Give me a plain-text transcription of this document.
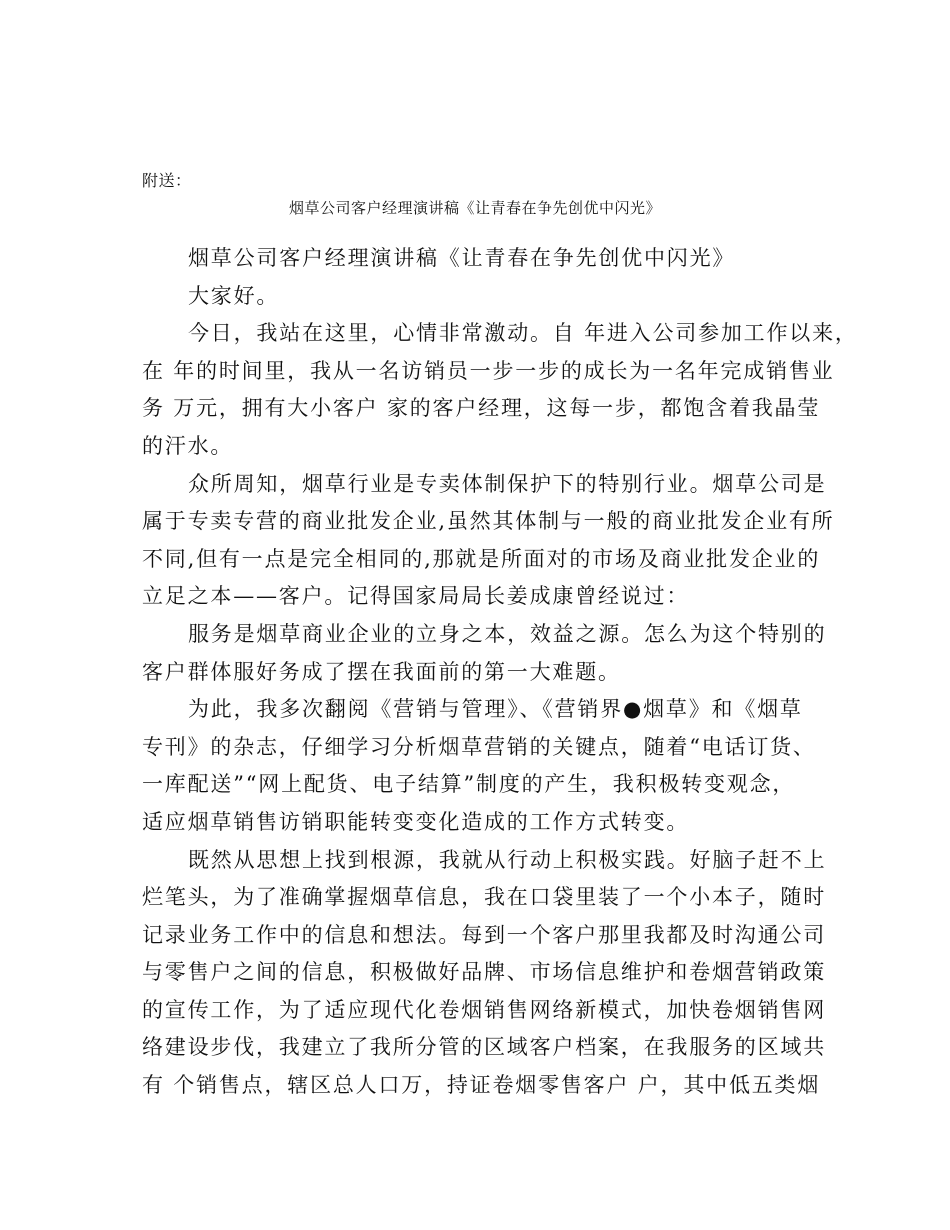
附送：
烟草公司客户经理演讲稿《让青春在争先创优中闪光》
烟草公司客户经理演讲稿《让青春在争先创优中闪光》
大家好。
今日，我站在这里，心情非常激动。自 年进入公司参加工作以来，
在 年的时间里，我从一名访销员一步一步的成长为一名年完成销售业
务 万元，拥有大小客户 家的客户经理，这每一步，都饱含着我晶莹
的汗水。
众所周知，烟草行业是专卖体制保护下的特别行业。烟草公司是
属于专卖专营的商业批发企业,虽然其体制与一般的商业批发企业有所
不同,但有一点是完全相同的,那就是所面对的市场及商业批发企业的
立足之本——客户。记得国家局局长姜成康曾经说过：
服务是烟草商业企业的立身之本，效益之源。怎么为这个特别的
客户群体服好务成了摆在我面前的第一大难题。
为此，我多次翻阅《营销与管理》、《营销界●烟草》和《烟草
专刊》的杂志，仔细学习分析烟草营销的关键点，随着“电话订货、
一库配送”“网上配货、电子结算”制度的产生，我积极转变观念，
适应烟草销售访销职能转变变化造成的工作方式转变。
既然从思想上找到根源，我就从行动上积极实践。好脑子赶不上
烂笔头，为了准确掌握烟草信息，我在口袋里装了一个小本子，随时
记录业务工作中的信息和想法。每到一个客户那里我都及时沟通公司
与零售户之间的信息，积极做好品牌、市场信息维护和卷烟营销政策
的宣传工作，为了适应现代化卷烟销售网络新模式，加快卷烟销售网
络建设步伐，我建立了我所分管的区域客户档案，在我服务的区域共
有 个销售点，辖区总人口万，持证卷烟零售客户 户，其中低五类烟
